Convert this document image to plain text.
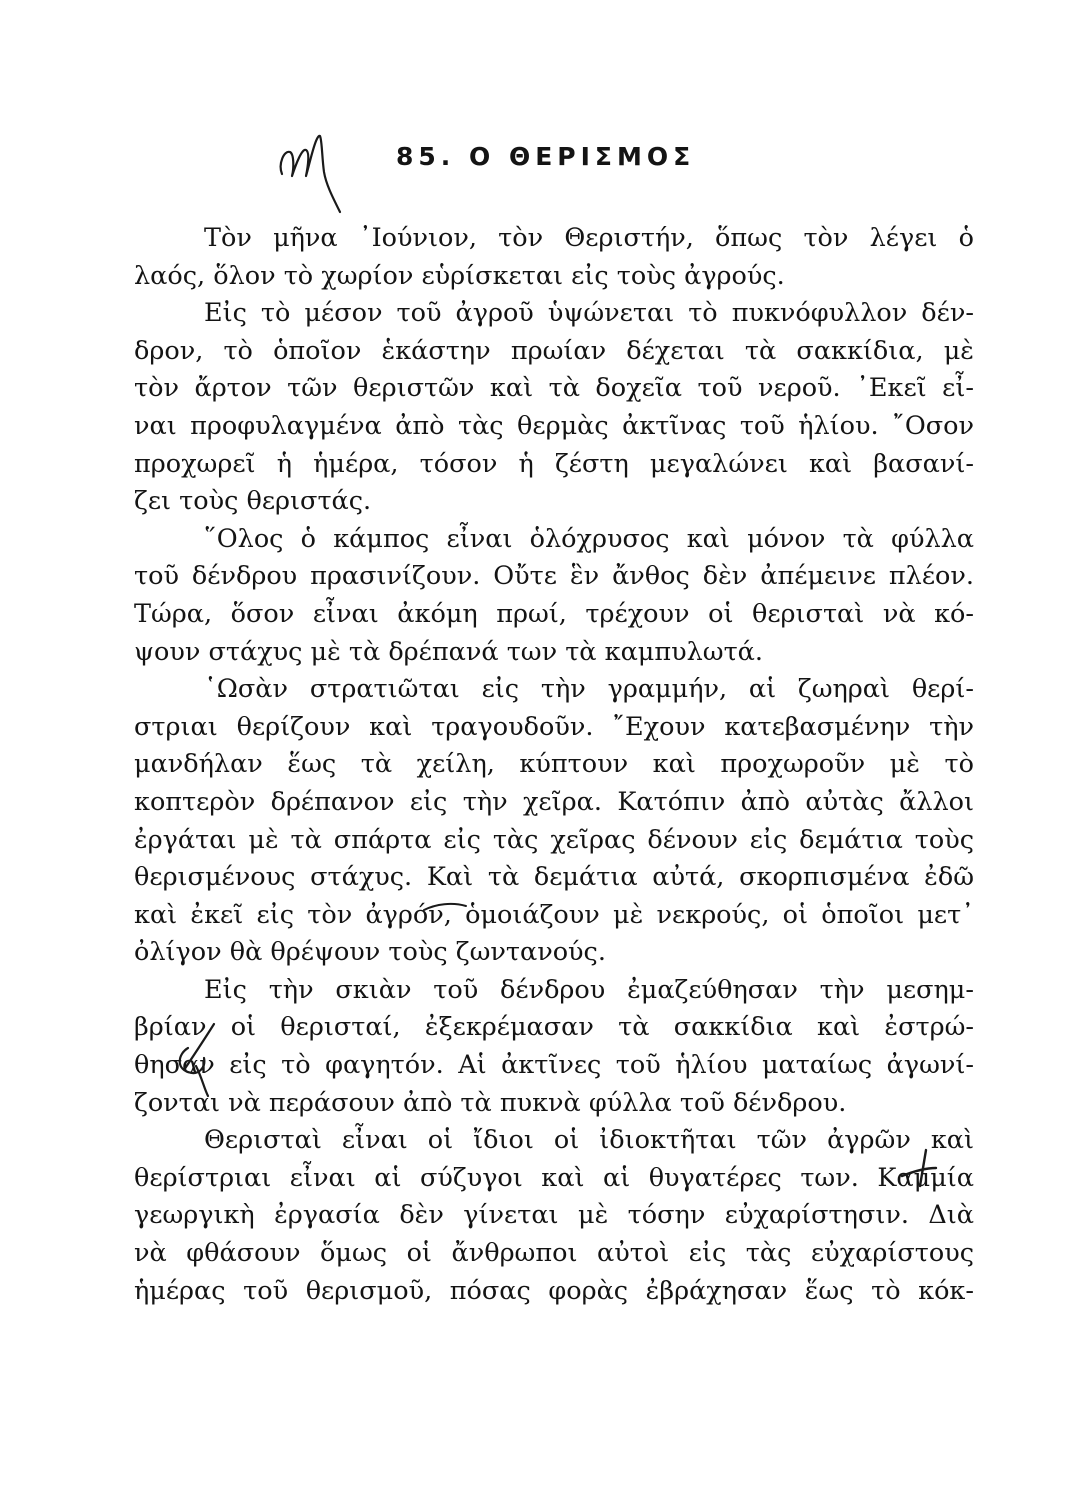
85. Ο ΘΕΡΙΣΜΟΣ
Τὸν μῆνα ᾽Ιούνιον, τὸν Θεριστήν, ὅπως τὸν λέγει ὁ
λαός, ὅλον τὸ χωρίον εὑρίσκεται εἰς τοὺς ἀγρούς.
Εἰς τὸ μέσον τοῦ ἀγροῦ ὑψώνεται τὸ πυκνόφυλλον δέν-
δρον, τὸ ὁποῖον ἑκάστην πρωίαν δέχεται τὰ σακκίδια, μὲ
τὸν ἄρτον τῶν θεριστῶν καὶ τὰ δοχεῖα τοῦ νεροῦ. ᾽Εκεῖ εἶ-
ναι προφυλαγμένα ἀπὸ τὰς θερμὰς ἀκτῖνας τοῦ ἡλίου. ῎Οσον
προχωρεῖ ἡ ἡμέρα, τόσον ἡ ζέστη μεγαλώνει καὶ βασανί-
ζει τοὺς θεριστάς.
῞Ολος ὁ κάμπος εἶναι ὁλόχρυσος καὶ μόνον τὰ φύλλα
τοῦ δένδρου πρασινίζουν. Οὔτε ἓν ἄνθος δὲν ἀπέμεινε πλέον.
Τώρα, ὅσον εἶναι ἀκόμη πρωί, τρέχουν οἱ θερισταὶ νὰ κό-
ψουν στάχυς μὲ τὰ δρέπανά των τὰ καμπυλωτά.
῾Ωσὰν στρατιῶται εἰς τὴν γραμμήν, αἱ ζωηραὶ θερί-
στριαι θερίζουν καὶ τραγουδοῦν. ῎Εχουν κατεβασμένην τὴν
μανδήλαν ἕως τὰ χείλη, κύπτουν καὶ προχωροῦν μὲ τὸ
κοπτερὸν δρέπανον εἰς τὴν χεῖρα. Κατόπιν ἀπὸ αὐτὰς ἄλλοι
ἐργάται μὲ τὰ σπάρτα εἰς τὰς χεῖρας δένουν εἰς δεμάτια τοὺς
θερισμένους στάχυς. Καὶ τὰ δεμάτια αὐτά, σκορπισμένα ἐδῶ
καὶ ἐκεῖ εἰς τὸν ἀγρόν, ὁμοιάζουν μὲ νεκρούς, οἱ ὁποῖοι μετ᾽
ὀλίγον θὰ θρέψουν τοὺς ζωντανούς.
Εἰς τὴν σκιὰν τοῦ δένδρου ἐμαζεύθησαν τὴν μεσημ-
βρίαν οἱ θερισταί, ἐξεκρέμασαν τὰ σακκίδια καὶ ἐστρώ-
θησαν εἰς τὸ φαγητόν. Αἱ ἀκτῖνες τοῦ ἡλίου ματαίως ἀγωνί-
ζονται νὰ περάσουν ἀπὸ τὰ πυκνὰ φύλλα τοῦ δένδρου.
Θερισταὶ εἶναι οἱ ἴδιοι οἱ ἰδιοκτῆται τῶν ἀγρῶν καὶ
θερίστριαι εἶναι αἱ σύζυγοι καὶ αἱ θυγατέρες των. Καμμία
γεωργικὴ ἐργασία δὲν γίνεται μὲ τόσην εὐχαρίστησιν. Διὰ
νὰ φθάσουν ὅμως οἱ ἄνθρωποι αὐτοὶ εἰς τὰς εὐχαρίστους
ἡμέρας τοῦ θερισμοῦ, πόσας φορὰς ἐβράχησαν ἕως τὸ κόκ-
